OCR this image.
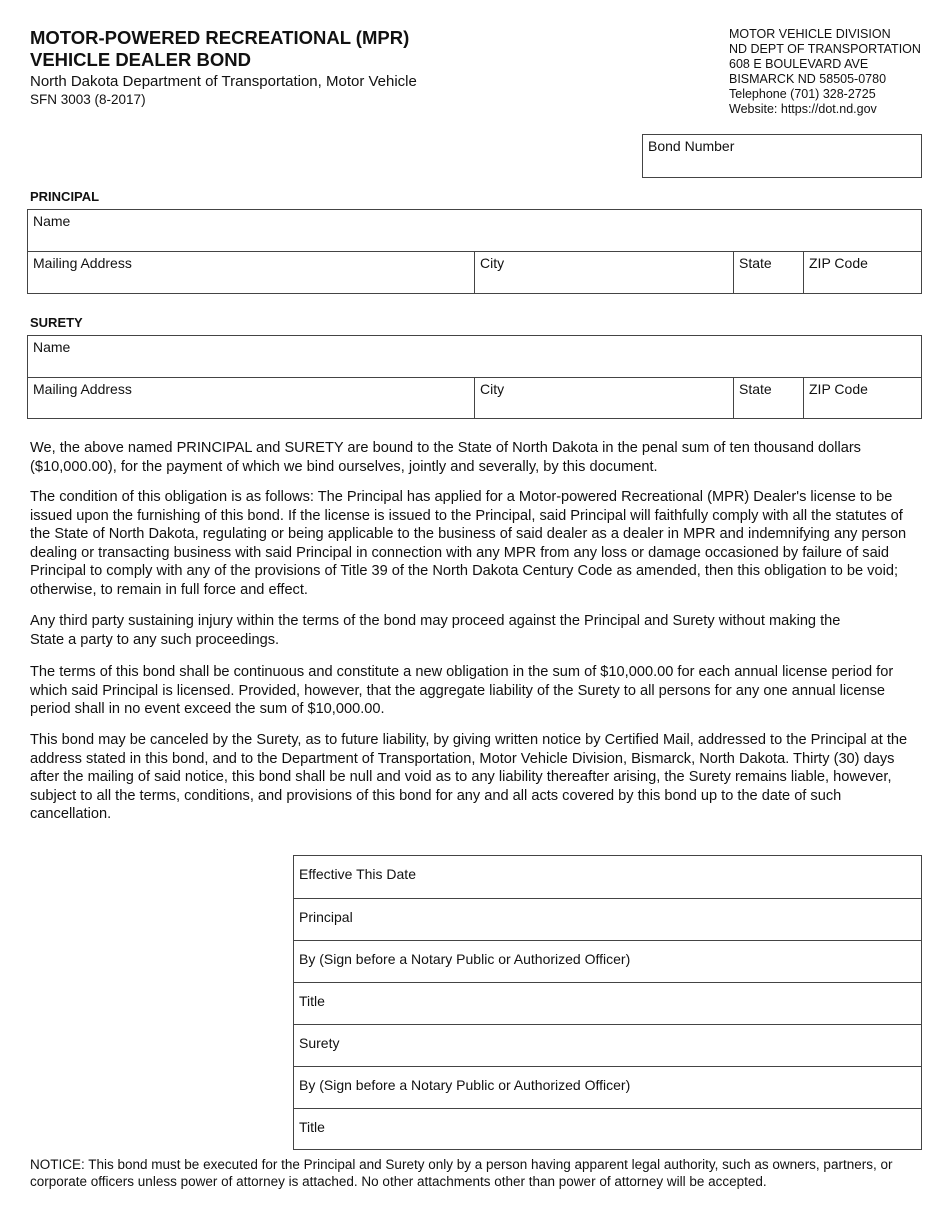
MOTOR-POWERED RECREATIONAL (MPR)
VEHICLE DEALER BOND
North Dakota Department of Transportation, Motor Vehicle
SFN 3003 (8-2017)
MOTOR VEHICLE DIVISION
ND DEPT OF TRANSPORTATION
608 E BOULEVARD AVE
BISMARCK ND 58505-0780
Telephone (701) 328-2725
Website: https://dot.nd.gov
Bond Number
PRINCIPAL
Name
Mailing Address	City	State	ZIP Code
SURETY
Name
Mailing Address	City	State	ZIP Code

We, the above named PRINCIPAL and SURETY are bound to the State of North Dakota in the penal sum of ten thousand dollars ($10,000.00), for the payment of which we bind ourselves, jointly and severally, by this document.

The condition of this obligation is as follows: The Principal has applied for a Motor-powered Recreational (MPR) Dealer's license to be issued upon the furnishing of this bond. If the license is issued to the Principal, said Principal will faithfully comply with all the statutes of the State of North Dakota, regulating or being applicable to the business of said dealer as a dealer in MPR and indemnifying any person dealing or transacting business with said Principal in connection with any MPR from any loss or damage occasioned by failure of said Principal to comply with any of the provisions of Title 39 of the North Dakota Century Code as amended, then this obligation to be void; otherwise, to remain in full force and effect.

Any third party sustaining injury within the terms of the bond may proceed against the Principal and Surety without making the State a party to any such proceedings.

The terms of this bond shall be continuous and constitute a new obligation in the sum of $10,000.00 for each annual license period for which said Principal is licensed. Provided, however, that the aggregate liability of the Surety to all persons for any one annual license period shall in no event exceed the sum of $10,000.00.

This bond may be canceled by the Surety, as to future liability, by giving written notice by Certified Mail, addressed to the Principal at the address stated in this bond, and to the Department of Transportation, Motor Vehicle Division, Bismarck, North Dakota. Thirty (30) days after the mailing of said notice, this bond shall be null and void as to any liability thereafter arising, the Surety remains liable, however, subject to all the terms, conditions, and provisions of this bond for any and all acts covered by this bond up to the date of such cancellation.

Effective This Date
Principal
By (Sign before a Notary Public or Authorized Officer)
Title
Surety
By (Sign before a Notary Public or Authorized Officer)
Title
NOTICE: This bond must be executed for the Principal and Surety only by a person having apparent legal authority, such as owners, partners, or corporate officers unless power of attorney is attached. No other attachments other than power of attorney will be accepted.
